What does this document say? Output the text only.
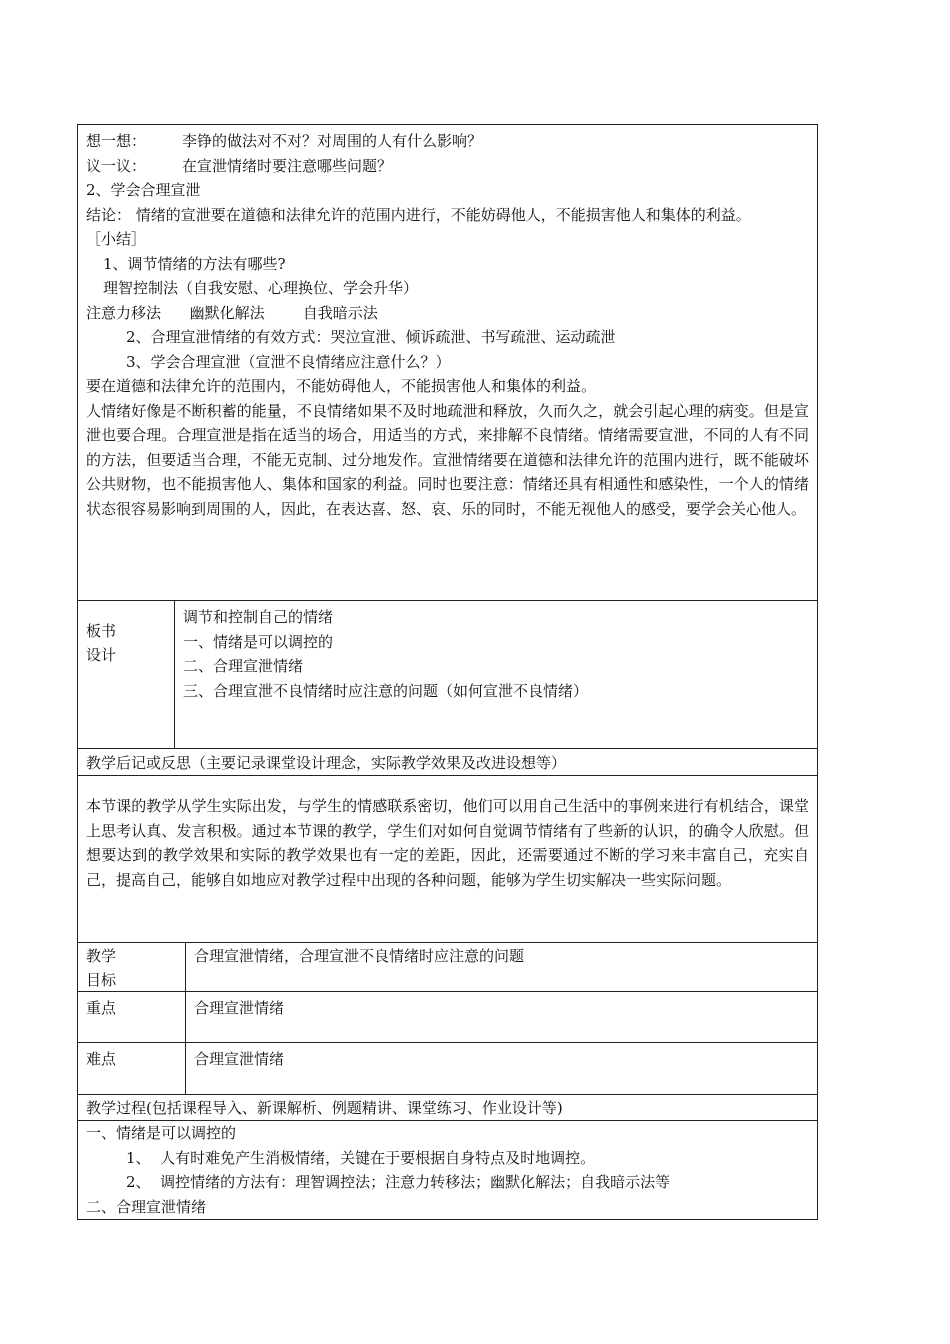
想一想： 李铮的做法对不对？对周围的人有什么影响？
议一议： 在宣泄情绪时要注意哪些问题？
2、学会合理宣泄
结论： 情绪的宣泄要在道德和法律允许的范围内进行，不能妨碍他人，不能损害他人和集体的利益。
［小结］
1、调节情绪的方法有哪些?
理智控制法（自我安慰、心理换位、学会升华）
注意力移法      幽默化解法        自我暗示法
2、合理宣泄情绪的有效方式：哭泣宣泄、倾诉疏泄、书写疏泄、运动疏泄
3、学会合理宣泄（宣泄不良情绪应注意什么？）
要在道德和法律允许的范围内，不能妨碍他人，不能损害他人和集体的利益。
人情绪好像是不断积蓄的能量，不良情绪如果不及时地疏泄和释放，久而久之，就会引起心理的病变。但是宣泄也要合理。合理宣泄是指在适当的场合，用适当的方式，来排解不良情绪。情绪需要宣泄，不同的人有不同的方法，但要适当合理，不能无克制、过分地发作。宣泄情绪要在道德和法律允许的范围内进行，既不能破坏公共财物，也不能损害他人、集体和国家的利益。同时也要注意：情绪还具有相通性和感染性，一个人的情绪状态很容易影响到周围的人，因此，在表达喜、怒、哀、乐的同时，不能无视他人的感受，要学会关心他人。
板书
设计
调节和控制自己的情绪
一、情绪是可以调控的
二、合理宣泄情绪
三、合理宣泄不良情绪时应注意的问题（如何宣泄不良情绪）
教学后记或反思（主要记录课堂设计理念，实际教学效果及改进设想等）
本节课的教学从学生实际出发，与学生的情感联系密切，他们可以用自己生活中的事例来进行有机结合，课堂上思考认真、发言积极。通过本节课的教学，学生们对如何自觉调节情绪有了些新的认识，的确令人欣慰。但想要达到的教学效果和实际的教学效果也有一定的差距，因此，还需要通过不断的学习来丰富自己，充实自己，提高自己，能够自如地应对教学过程中出现的各种问题，能够为学生切实解决一些实际问题。
教学
目标
合理宣泄情绪，合理宣泄不良情绪时应注意的问题
重点	合理宣泄情绪
难点	合理宣泄情绪
教学过程(包括课程导入、新课解析、例题精讲、课堂练习、作业设计等)
一、情绪是可以调控的
1、 人有时难免产生消极情绪，关键在于要根据自身特点及时地调控。
2、 调控情绪的方法有：理智调控法；注意力转移法；幽默化解法；自我暗示法等
二、合理宣泄情绪
